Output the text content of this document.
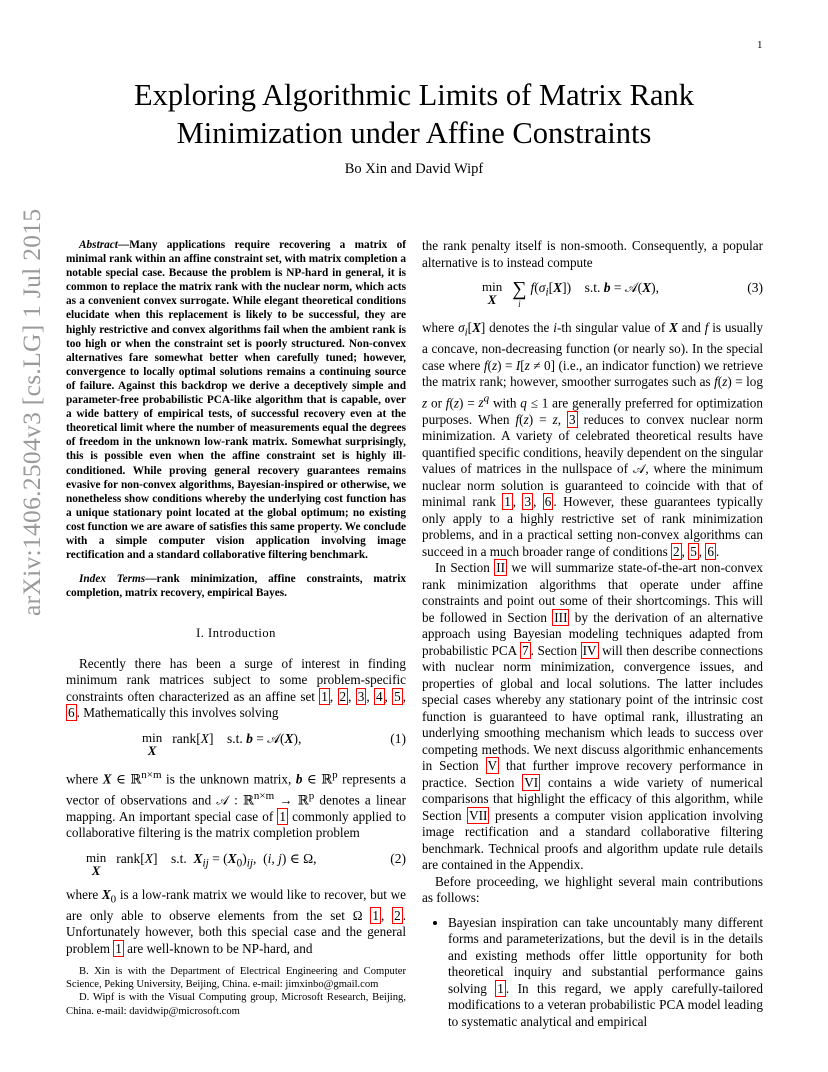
1
arXiv:1406.2504v3 [cs.LG] 1 Jul 2015
Exploring Algorithmic Limits of Matrix Rank
Minimization under Affine Constraints
Bo Xin and David Wipf

Abstract—Many applications require recovering a matrix of minimal rank within an affine constraint set, with matrix completion a notable special case. Because the problem is NP-hard in general, it is common to replace the matrix rank with the nuclear norm, which acts as a convenient convex surrogate. While elegant theoretical conditions elucidate when this replacement is likely to be successful, they are highly restrictive and convex algorithms fail when the ambient rank is too high or when the constraint set is poorly structured. Non-convex alternatives fare somewhat better when carefully tuned; however, convergence to locally optimal solutions remains a continuing source of failure. Against this backdrop we derive a deceptively simple and parameter-free probabilistic PCA-like algorithm that is capable, over a wide battery of empirical tests, of successful recovery even at the theoretical limit where the number of measurements equal the degrees of freedom in the unknown low-rank matrix. Somewhat surprisingly, this is possible even when the affine constraint set is highly ill-conditioned. While proving general recovery guarantees remains evasive for non-convex algorithms, Bayesian-inspired or otherwise, we nonetheless show conditions whereby the underlying cost function has a unique stationary point located at the global optimum; no existing cost function we are aware of satisfies this same property. We conclude with a simple computer vision application involving image rectification and a standard collaborative filtering benchmark.

Index Terms—rank minimization, affine constraints, matrix completion, matrix recovery, empirical Bayes.

I. Introduction

Recently there has been a surge of interest in finding minimum rank matrices subject to some problem-specific constraints often characterized as an affine set 1 , 2 , 3 , 4 , 5 , 6 . Mathematically this involves solving

min
X
rank[X]    s.t. b = 𝒜(X),	(1)

where X ∈ ℝ$^{n\times m}$ is the unknown matrix, b ∈ ℝ$^p$ represents a vector of observations and 𝒜 : ℝ$^{n\times m}$ → ℝ$^p$ denotes a linear mapping. An important special case of 1 commonly applied to collaborative filtering is the matrix completion problem

min
X
rank[X]    s.t.  $X_{ij} = (X_0)_{ij}$,  (i, j) ∈ Ω,	(2)

where $X_0$ is a low-rank matrix we would like to recover, but we are only able to observe elements from the set Ω 1 , 2 . Unfortunately however, both this special case and the general problem 1 are well-known to be NP-hard, and

B. Xin is with the Department of Electrical Engineering and Computer Science, Peking University, Beijing, China. e-mail: jimxinbo@gmail.com

D. Wipf is with the Visual Computing group, Microsoft Research, Beijing, China. e-mail: davidwip@microsoft.com

the rank penalty itself is non-smooth. Consequently, a popular alternative is to instead compute

min
X ∑
i
$f(\sigma_i[X])$    s.t. b = 𝒜(X),	(3)

where $\sigma_i[X]$ denotes the i-th singular value of X and f is usually a concave, non-decreasing function (or nearly so). In the special case where f(z) = I[z ≠ 0] (i.e., an indicator function) we retrieve the matrix rank; however, smoother surrogates such as f(z) = log z or $f(z) = z^q$ with q ≤ 1 are generally preferred for optimization purposes. When f(z) = z, 3 reduces to convex nuclear norm minimization. A variety of celebrated theoretical results have quantified specific conditions, heavily dependent on the singular values of matrices in the nullspace of 𝒜, where the minimum nuclear norm solution is guaranteed to coincide with that of minimal rank 1 , 3 , 6 . However, these guarantees typically only apply to a highly restrictive set of rank minimization problems, and in a practical setting non-convex algorithms can succeed in a much broader range of conditions 2 , 5 , 6 .

In Section II we will summarize state-of-the-art non-convex rank minimization algorithms that operate under affine constraints and point out some of their shortcomings. This will be followed in Section III by the derivation of an alternative approach using Bayesian modeling techniques adapted from probabilistic PCA 7 . Section IV will then describe connections with nuclear norm minimization, convergence issues, and properties of global and local solutions. The latter includes special cases whereby any stationary point of the intrinsic cost function is guaranteed to have optimal rank, illustrating an underlying smoothing mechanism which leads to success over competing methods. We next discuss algorithmic enhancements in Section V that further improve recovery performance in practice. Section VI contains a wide variety of numerical comparisons that highlight the efficacy of this algorithm, while Section VII presents a computer vision application involving image rectification and a standard collaborative filtering benchmark. Technical proofs and algorithm update rule details are contained in the Appendix.

Before proceeding, we highlight several main contributions as follows:

• Bayesian inspiration can take uncountably many different forms and parameterizations, but the devil is in the details and existing methods offer little opportunity for both theoretical inquiry and substantial performance gains solving 1 . In this regard, we apply carefully-tailored modifications to a veteran probabilistic PCA model leading to systematic analytical and empirical
